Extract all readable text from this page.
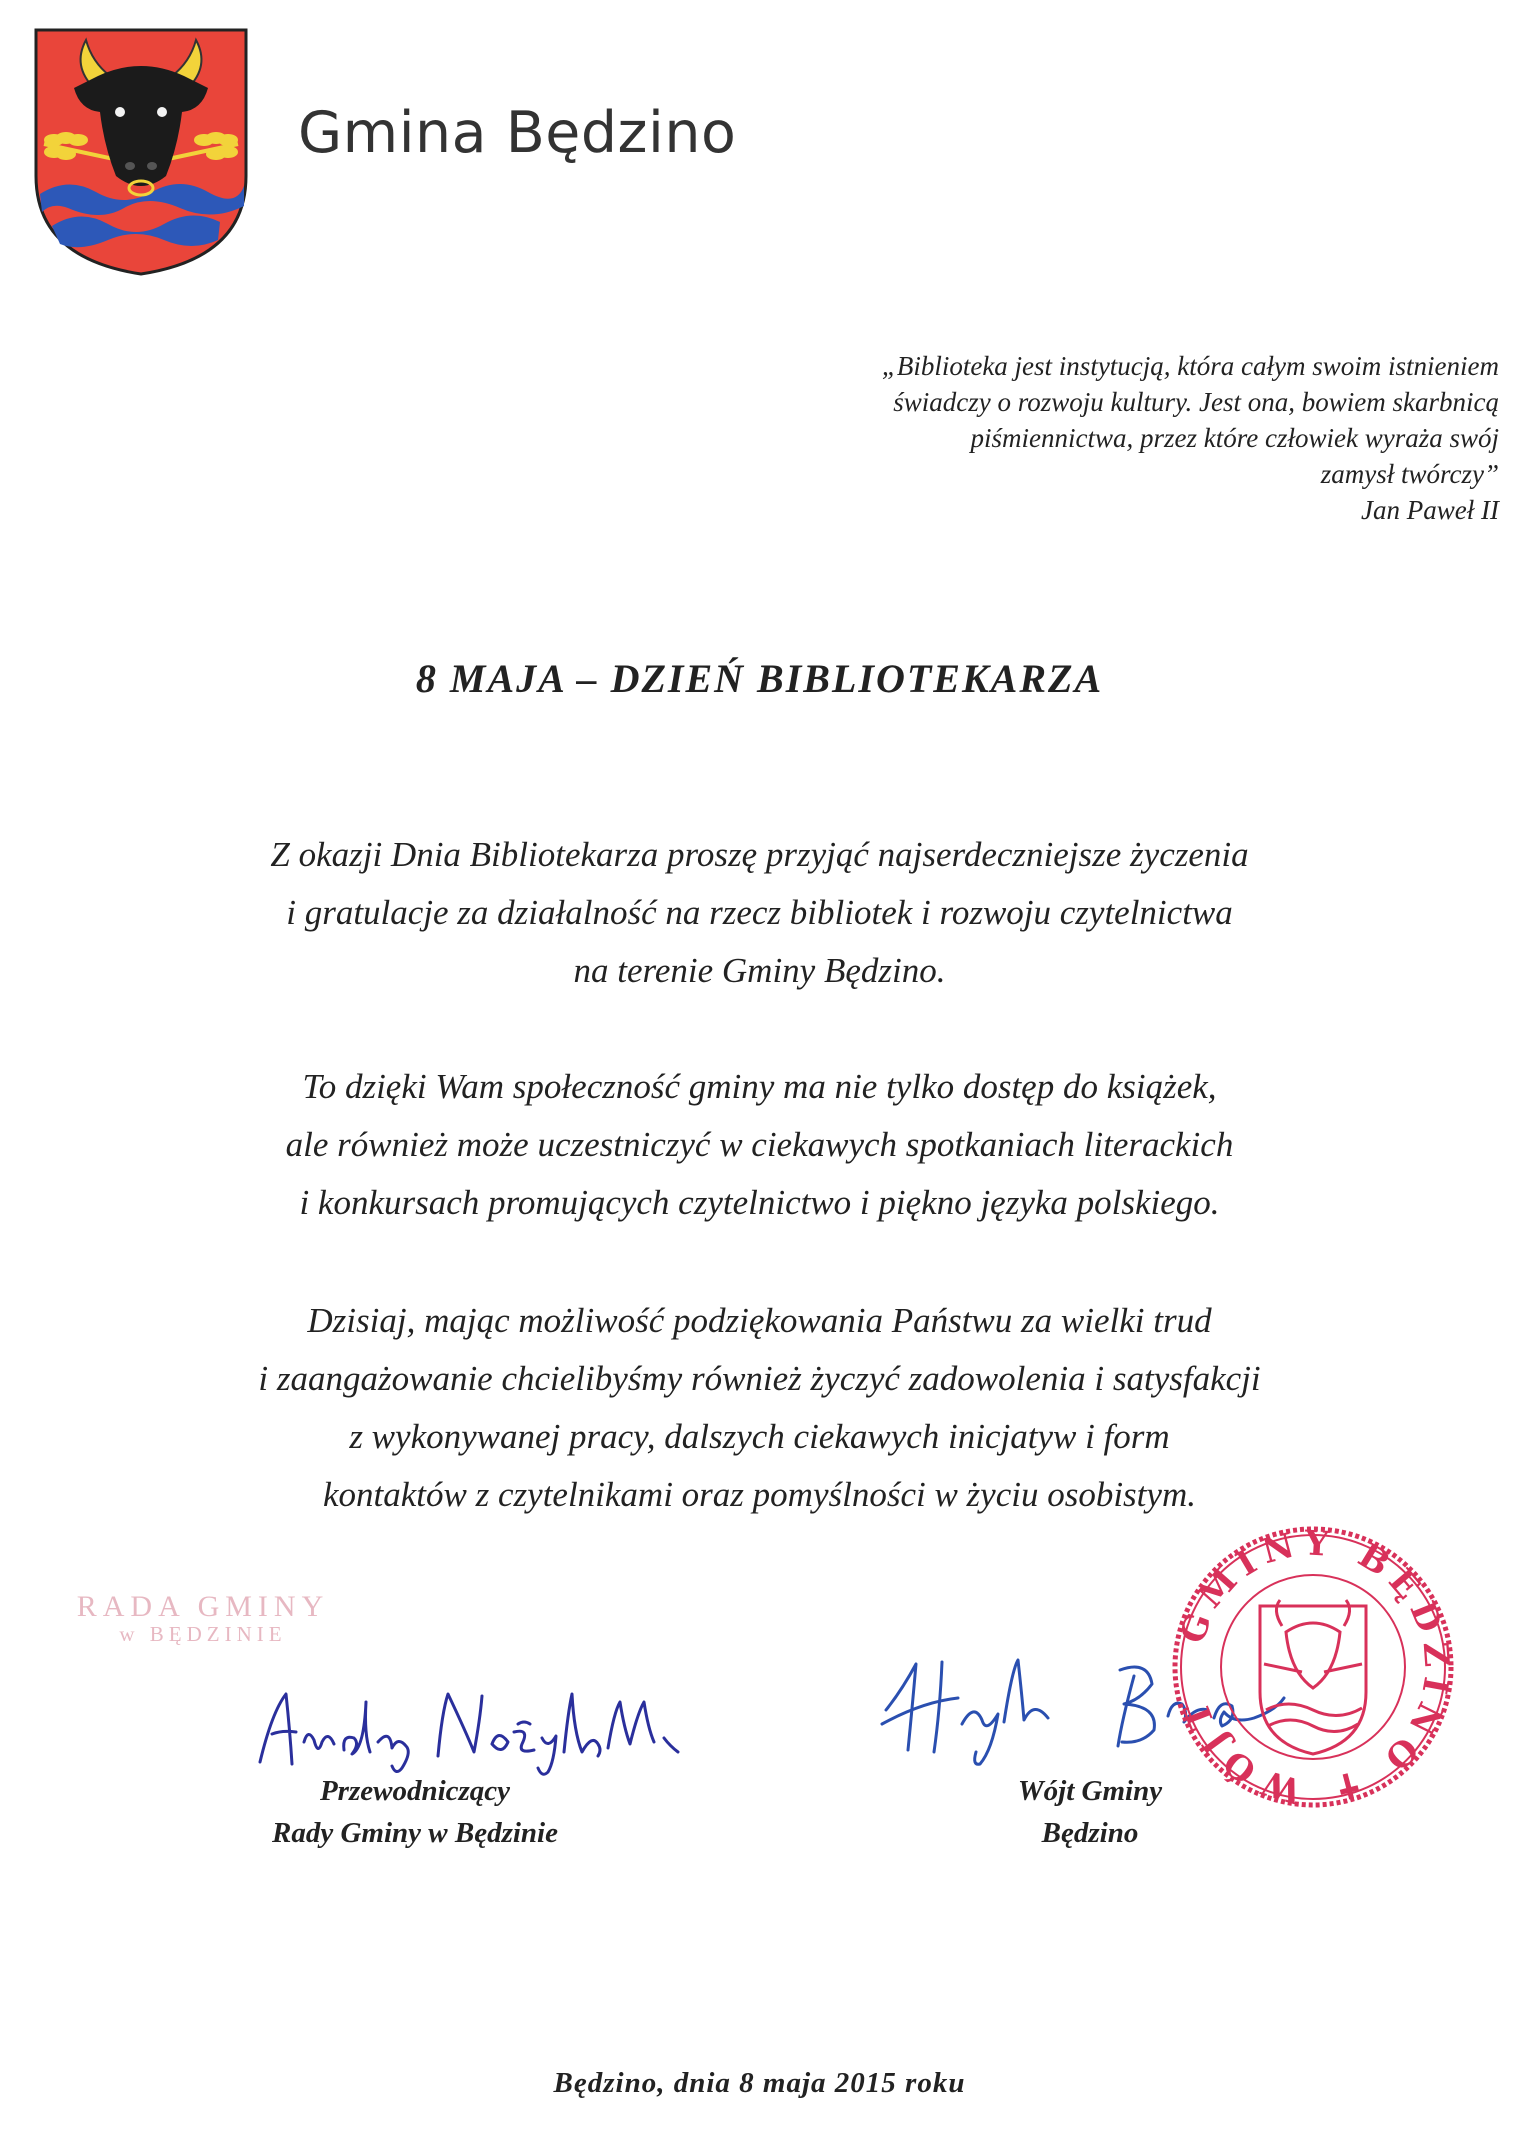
Gmina Będzino
„Biblioteka jest instytucją, która całym swoim istnieniem
świadczy o rozwoju kultury. Jest ona, bowiem skarbnicą
piśmiennictwa, przez które człowiek wyraża swój
zamysł twórczy”
Jan Paweł II
8 MAJA – DZIEŃ BIBLIOTEKARZA
Z okazji Dnia Bibliotekarza proszę przyjąć najserdeczniejsze życzenia
i gratulacje za działalność na rzecz bibliotek i rozwoju czytelnictwa
na terenie Gminy Będzino.
To dzięki Wam społeczność gminy ma nie tylko dostęp do książek,
ale również może uczestniczyć w ciekawych spotkaniach literackich
i konkursach promujących czytelnictwo i piękno języka polskiego.
Dzisiaj, mając możliwość podziękowania Państwu za wielki trud
i zaangażowanie chcielibyśmy również życzyć zadowolenia i satysfakcji
z wykonywanej pracy, dalszych ciekawych inicjatyw i form
kontaktów z czytelnikami oraz pomyślności w życiu osobistym.
RADA GMINY
w BĘDZINIE	GMINY BĘDZINO ✝ WÓJT
Przewodniczący
Rady Gminy w Będzinie
Wójt Gminy
Będzino
Będzino, dnia 8 maja 2015 roku
